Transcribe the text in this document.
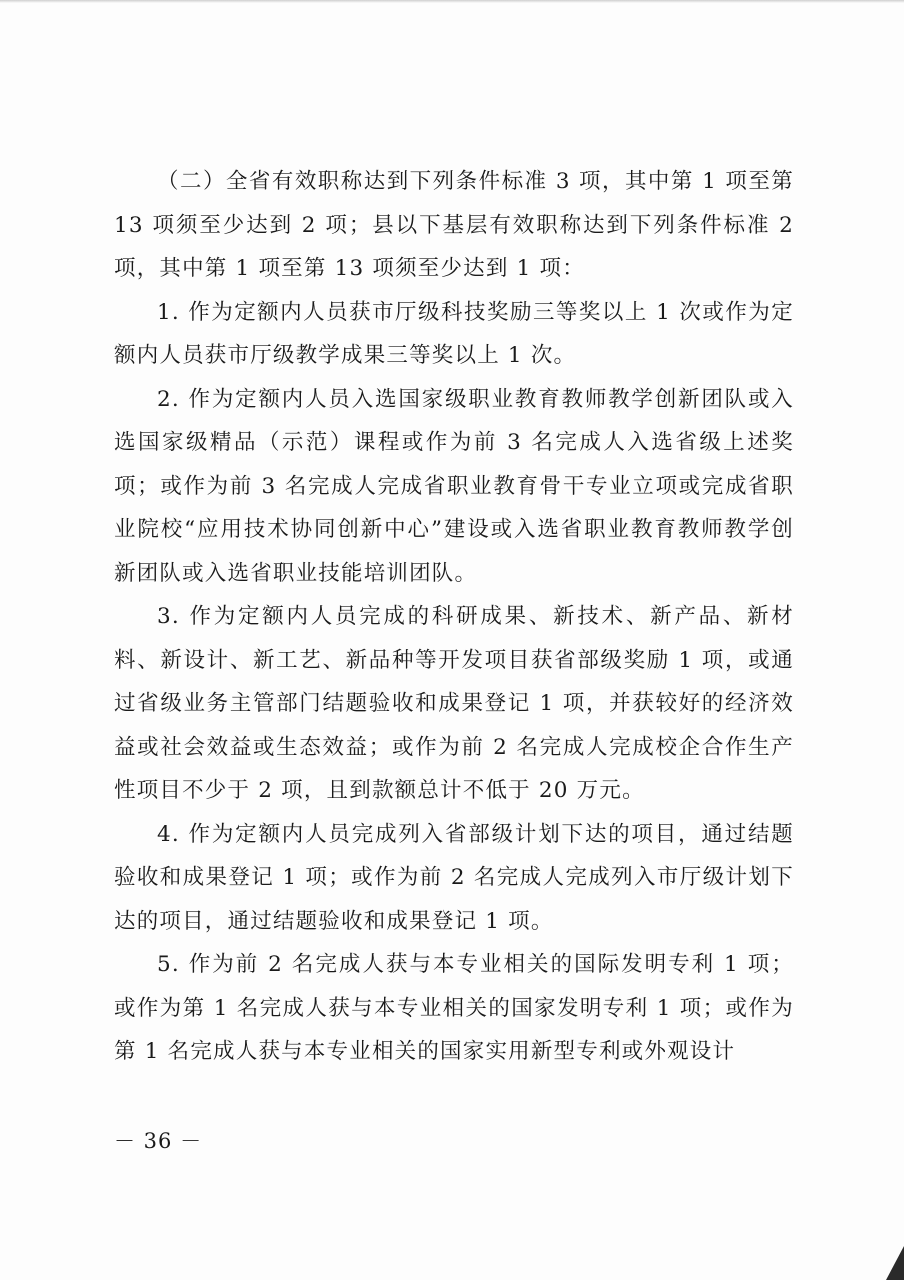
（二）全省有效职称达到下列条件标准 3 项，其中第 1 项至第 13 项须至少达到 2 项；县以下基层有效职称达到下列条件标准 2 项，其中第 1 项至第 13 项须至少达到 1 项：

1. 作为定额内人员获市厅级科技奖励三等奖以上 1 次或作为定额内人员获市厅级教学成果三等奖以上 1 次。

2. 作为定额内人员入选国家级职业教育教师教学创新团队或入选国家级精品（示范）课程或作为前 3 名完成人入选省级上述奖项；或作为前 3 名完成人完成省职业教育骨干专业立项或完成省职业院校“应用技术协同创新中心”建设或入选省职业教育教师教学创新团队或入选省职业技能培训团队。

3. 作为定额内人员完成的科研成果、新技术、新产品、新材料、新设计、新工艺、新品种等开发项目获省部级奖励 1 项，或通过省级业务主管部门结题验收和成果登记 1 项，并获较好的经济效益或社会效益或生态效益；或作为前 2 名完成人完成校企合作生产性项目不少于 2 项，且到款额总计不低于 20 万元。

4. 作为定额内人员完成列入省部级计划下达的项目，通过结题验收和成果登记 1 项；或作为前 2 名完成人完成列入市厅级计划下达的项目，通过结题验收和成果登记 1 项。

5. 作为前 2 名完成人获与本专业相关的国际发明专利 1 项；或作为第 1 名完成人获与本专业相关的国家发明专利 1 项；或作为第 1 名完成人获与本专业相关的国家实用新型专利或外观设计

－ 36 －
